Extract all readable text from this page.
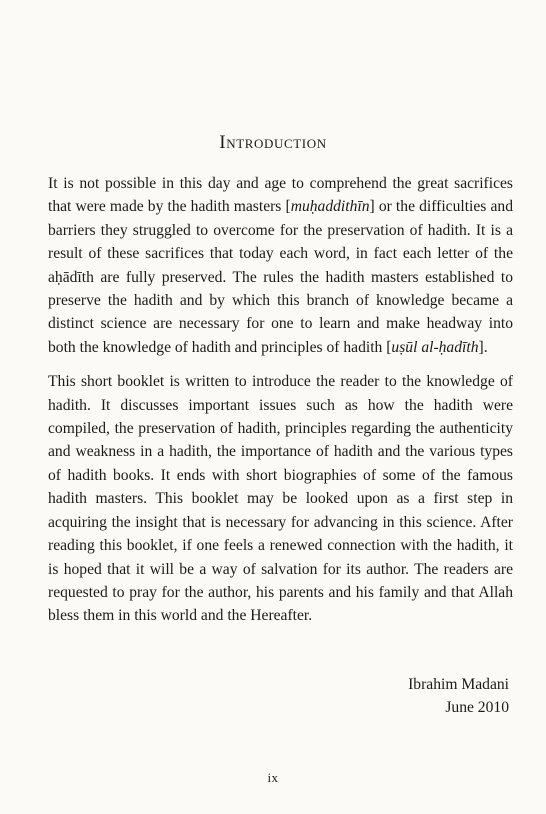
Introduction

It is not possible in this day and age to comprehend the great sacrifices that were made by the hadith masters [muḥaddithīn] or the difficulties and barriers they struggled to overcome for the preservation of hadith. It is a result of these sacrifices that today each word, in fact each letter of the aḥādīth are fully preserved. The rules the hadith masters established to preserve the hadith and by which this branch of knowledge became a distinct science are necessary for one to learn and make headway into both the knowledge of hadith and principles of hadith [uṣūl al-ḥadīth].

This short booklet is written to introduce the reader to the knowledge of hadith. It discusses important issues such as how the hadith were compiled, the preservation of hadith, principles regarding the authenticity and weakness in a hadith, the importance of hadith and the various types of hadith books. It ends with short biographies of some of the famous hadith masters. This booklet may be looked upon as a first step in acquiring the insight that is necessary for advancing in this science. After reading this booklet, if one feels a renewed connection with the hadith, it is hoped that it will be a way of salvation for its author. The readers are requested to pray for the author, his parents and his family and that Allah bless them in this world and the Hereafter.

Ibrahim Madani
June 2010
ix
